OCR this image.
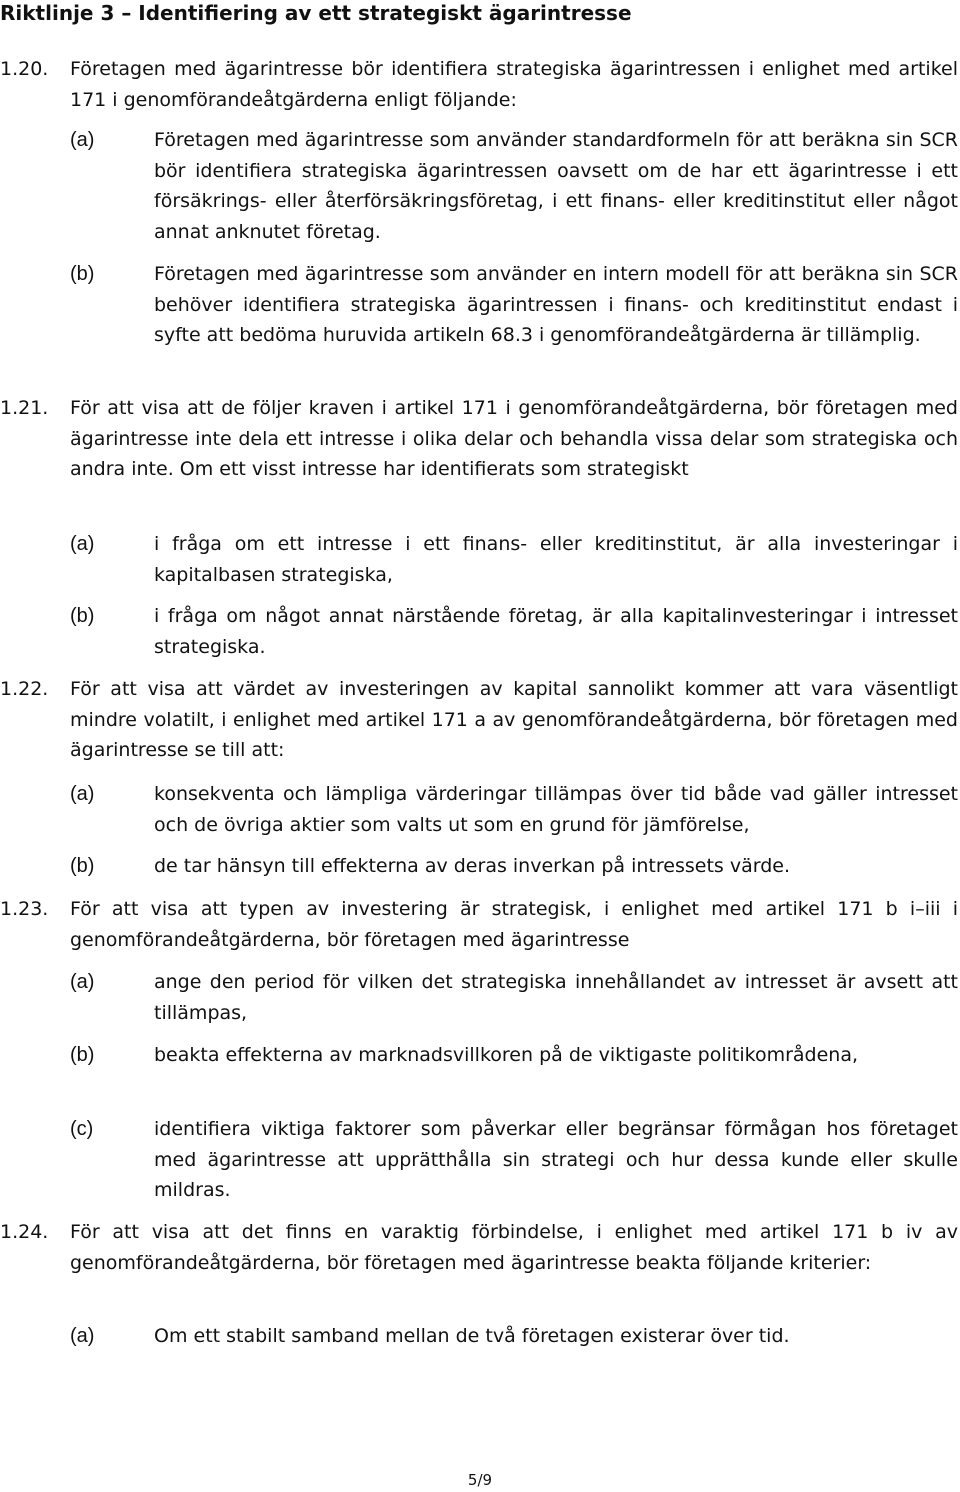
Riktlinje 3 – Identifiering av ett strategiskt ägarintresse
1.20. Företagen med ägarintresse bör identifiera strategiska ägarintressen i enlighet med artikel 171 i genomförandeåtgärderna enligt följande:
(a)	Företagen med ägarintresse som använder standardformeln för att beräkna sin SCR bör identifiera strategiska ägarintressen oavsett om de har ett ägarintresse i ett försäkrings- eller återförsäkringsföretag, i ett finans- eller kreditinstitut eller något annat anknutet företag.
(b)	Företagen med ägarintresse som använder en intern modell för att beräkna sin SCR behöver identifiera strategiska ägarintressen i finans- och kreditinstitut endast i syfte att bedöma huruvida artikeln 68.3 i genomförandeåtgärderna är tillämplig.
1.21. För att visa att de följer kraven i artikel 171 i genomförandeåtgärderna, bör företagen med ägarintresse inte dela ett intresse i olika delar och behandla vissa delar som strategiska och andra inte. Om ett visst intresse har identifierats som strategiskt
(a)	i fråga om ett intresse i ett finans- eller kreditinstitut, är alla investeringar i kapitalbasen strategiska,
(b)	i fråga om något annat närstående företag, är alla kapitalinvesteringar i intresset strategiska.
1.22. För att visa att värdet av investeringen av kapital sannolikt kommer att vara väsentligt mindre volatilt, i enlighet med artikel 171 a av genomförandeåtgärderna, bör företagen med ägarintresse se till att:
(a)	konsekventa och lämpliga värderingar tillämpas över tid både vad gäller intresset och de övriga aktier som valts ut som en grund för jämförelse,
(b)	de tar hänsyn till effekterna av deras inverkan på intressets värde.
1.23. För att visa att typen av investering är strategisk, i enlighet med artikel 171 b i–iii i genomförandeåtgärderna, bör företagen med ägarintresse
(a)	ange den period för vilken det strategiska innehållandet av intresset är avsett att tillämpas,
(b)	beakta effekterna av marknadsvillkoren på de viktigaste politikområdena,
(c)	identifiera viktiga faktorer som påverkar eller begränsar förmågan hos företaget med ägarintresse att upprätthålla sin strategi och hur dessa kunde eller skulle mildras.
1.24. För att visa att det finns en varaktig förbindelse, i enlighet med artikel 171 b iv av genomförandeåtgärderna, bör företagen med ägarintresse beakta följande kriterier:
(a)	Om ett stabilt samband mellan de två företagen existerar över tid.
5/9
